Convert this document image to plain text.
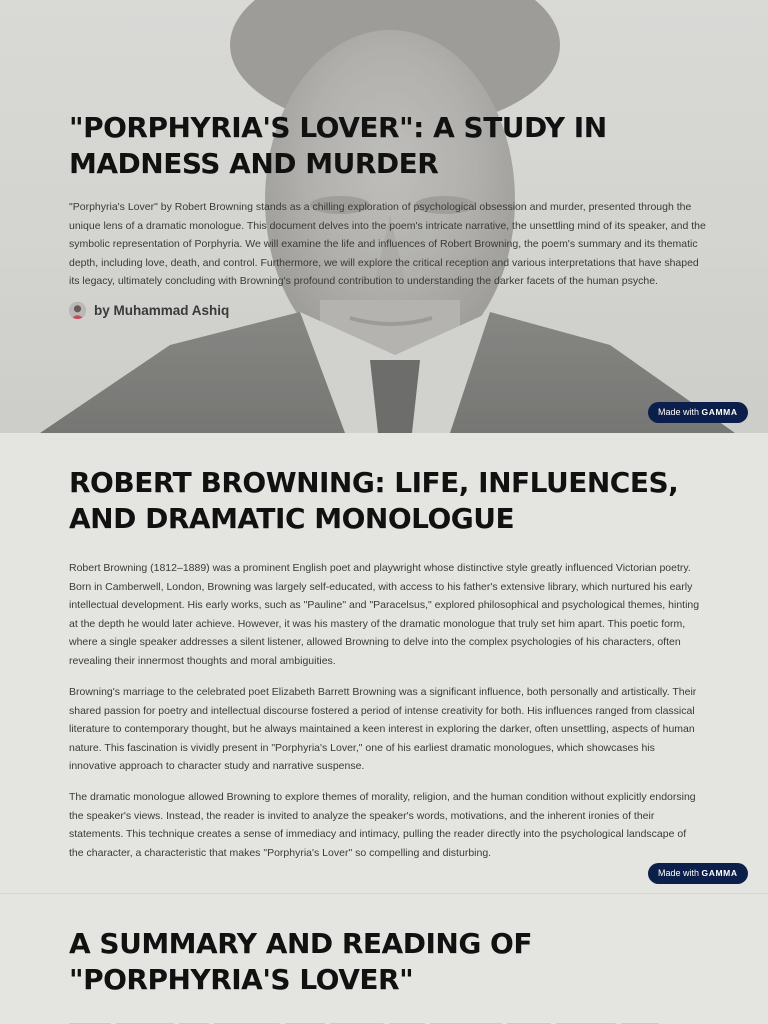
"PORPHYRIA'S LOVER": A STUDY IN MADNESS AND MURDER

"Porphyria's Lover" by Robert Browning stands as a chilling exploration of psychological obsession and murder, presented through the unique lens of a dramatic monologue. This document delves into the poem's intricate narrative, the unsettling mind of its speaker, and the symbolic representation of Porphyria. We will examine the life and influences of Robert Browning, the poem's summary and its thematic depth, including love, death, and control. Furthermore, we will explore the critical reception and various interpretations that have shaped its legacy, ultimately concluding with Browning's profound contribution to understanding the darker facets of the human psyche.

by Muhammad Ashiq
Made with GAMMA
ROBERT BROWNING: LIFE, INFLUENCES, AND DRAMATIC MONOLOGUE

Robert Browning (1812–1889) was a prominent English poet and playwright whose distinctive style greatly influenced Victorian poetry. Born in Camberwell, London, Browning was largely self-educated, with access to his father's extensive library, which nurtured his early intellectual development. His early works, such as "Pauline" and "Paracelsus," explored philosophical and psychological themes, hinting at the depth he would later achieve. However, it was his mastery of the dramatic monologue that truly set him apart. This poetic form, where a single speaker addresses a silent listener, allowed Browning to delve into the complex psychologies of his characters, often revealing their innermost thoughts and moral ambiguities.

Browning's marriage to the celebrated poet Elizabeth Barrett Browning was a significant influence, both personally and artistically. Their shared passion for poetry and intellectual discourse fostered a period of intense creativity for both. His influences ranged from classical literature to contemporary thought, but he always maintained a keen interest in exploring the darker, often unsettling, aspects of human nature. This fascination is vividly present in "Porphyria's Lover," one of his earliest dramatic monologues, which showcases his innovative approach to character study and narrative suspense.

The dramatic monologue allowed Browning to explore themes of morality, religion, and the human condition without explicitly endorsing the speaker's views. Instead, the reader is invited to analyze the speaker's words, motivations, and the inherent ironies of their statements. This technique creates a sense of immediacy and intimacy, pulling the reader directly into the psychological landscape of the character, a characteristic that makes "Porphyria's Lover" so compelling and disturbing.

Made with GAMMA
A SUMMARY AND READING OF "PORPHYRIA'S LOVER"
